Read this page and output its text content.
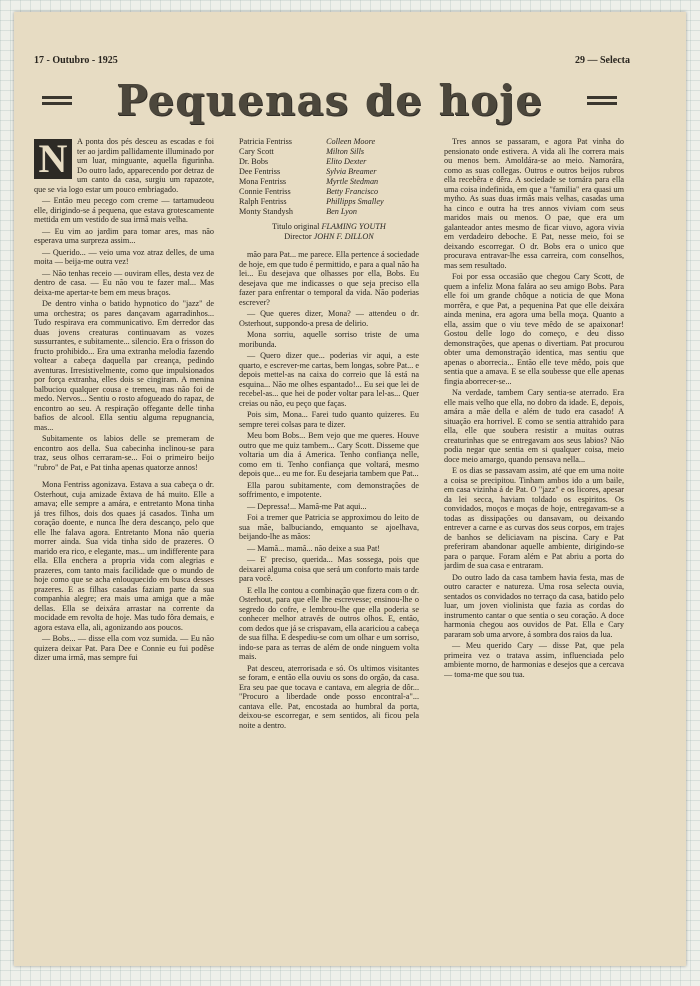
17 - Outubro - 1925	29 — Selecta
Pequenas de hoje

N	A ponta dos pés desceu as escadas e foi ter ao jardim pallidamente illuminado por um luar, minguante, aquella figurinha. Do outro lado, apparecendo por detraz de um canto da casa, surgiu um rapazote, que se via logo estar um pouco embriagado.

— Então meu pecego com creme — tartamudeou elle, dirigindo-se á pequena, que estava grotescamente mettida em um vestido de sua irmã mais velha.

— Eu vim ao jardim para tomar ares, mas não esperava uma surpreza assim...

— Querido... — veio uma voz atraz delles, de uma moita — beija-me outra vez!

— Não tenhas receio — ouviram elles, desta vez de dentro de casa. — Eu não vou te fazer mal... Mas deixa-me apertar-te bem em meus braços.

De dentro vinha o batido hypnotico do "jazz" de uma orchestra; os pares dançavam agarradinhos... Tudo respirava era communicativo. Em derredor das duas jovens creaturas continuavam as vozes sussurrantes, e subitamente... silencio. Era o frisson do fructo prohibido... Era uma extranha melodia fazendo voltear a cabeça daquella par creança, pedindo aventuras. Irresistivelmente, como que impulsionados por força extranha, elles dois se cingiram. A menina balbuciou qualquer cousa e tremeu, mas não foi de medo. Nervos... Sentiu o rosto afogueado do rapaz, de encontro ao seu. A respiração offegante delle tinha bafios de alcool. Ella sentiu alguma repugnancia, mas...

Subitamente os labios delle se premeram de encontro aos della. Sua cabecinha inclinou-se para traz, seus olhos cerraram-se... Foi o primeiro beijo "rubro" de Pat, e Pat tinha apenas quatorze annos!

Mona Fentriss agonizava. Estava a sua cabeça o dr. Osterhout, cuja amizade êxtava de há muito. Elle a amava; elle sempre a amára, e entretanto Mona tinha já tres filhos, dois dos quaes já casados. Tinha um coração doente, e nunca lhe dera descanço, pelo que elle lhe falava agora. Entretanto Mona não queria morrer ainda. Sua vida tinha sido de prazeres. O marido era rico, e elegante, mas... um indifferente para ella. Ella enchera a propria vida com alegrias e prazeres, com tanto mais facilidade que o mundo de hoje como que se acha enlouquecido em busca desses prazeres. E as filhas casadas faziam parte da sua companhia alegre; era mais uma amiga que a mãe dellas. Ella se deixára arrastar na corrente da mocidade em revolta de hoje. Mas tudo fôra demais, e agora estava ella, ali, agonizando aos poucos.

— Bobs... — disse ella com voz sumida. — Eu não quizera deixar Pat. Para Dee e Connie eu fui podêse dizer uma irmã, mas sempre fui

Patricia Fentriss	Colleen Moore
Cary Scott	Milton Sills
Dr. Bobs	Elito Dexter
Dee Fentriss	Sylvia Breamer
Mona Fentriss	Myrtle Stedman
Connie Fentriss	Betty Francisco
Ralph Fentriss	Phillipps Smalley
Monty Standysh	Ben Lyon
Titulo original FLAMING YOUTH
Director JOHN F. DILLON

mão para Pat... me parece. Ella pertence á sociedade de hoje, em que tudo é permittido, e para a qual não ha lei... Eu desejava que olhasses por ella, Bobs. Eu desejava que me indicasses o que seja preciso ella fazer para enfrentar o temporal da vida. Não poderias escrever?

— Que queres dizer, Mona? — attendeu o dr. Osterhout, suppondo-a presa de delirio.

Mona sorriu, aquelle sorriso triste de uma moribunda.

— Quero dizer que... poderias vir aqui, a este quarto, e escrever-me cartas, bem longas, sobre Pat... e depois mettel-as na caixa do correio que lá está na esquina... Não me olhes espantado!... Eu sei que lei de recebel-as... que hei de poder voltar para lel-as... Quer creias ou não, eu peço que faças.

Pois sim, Mona... Farei tudo quanto quizeres. Eu sempre terei colsas para te dizer.

Meu bom Bobs... Bem vejo que me queres. Houve outro que me quiz tambem... Cary Scott. Disseme que voltaria um dia á America. Tenho confiança nelle, como em ti. Tenho confiança que voltará, mesmo depois que... eu me for. Eu desejaria tambem que Pat...

Ella parou subitamente, com demonstrações de soffrimento, e impotente.

— Depressa!... Mamã-me Pat aqui...

Foi a tremer que Patricia se approximou do leito de sua mãe, balbuciando, emquanto se ajoelhava, beijando-lhe as mãos:

— Mamã... mamã... não deixe a sua Pat!

— E' preciso, querida... Mas sossega, pois que deixarei alguma coisa que será um conforto mais tarde para você.

E ella lhe contou a combinação que fizera com o dr. Osterhout, para que elle lhe escrevesse; ensinou-lhe o segredo do cofre, e lembrou-lhe que ella poderia se conhecer melhor através de outros olhos. E, então, com dedos que já se crispavam, ella acariciou a cabeça de sua filha. E despediu-se com um olhar e um sorriso, indo-se para as terras de além de onde ninguem volta mais.

Pat desceu, aterrorisada e só. Os ultimos visitantes se foram, e então ella ouviu os sons do orgão, da casa. Era seu pae que tocava e cantava, em alegria de dôr... "Procuro a liberdade onde posso encontral-a"... cantava elle. Pat, encostada ao humbral da porta, deixou-se escorregar, e sem sentidos, ali ficou pela noite a dentro.

Tres annos se passaram, e agora Pat vinha do pensionato onde estivera. A vida ali lhe correra mais ou menos bem. Amoldára-se ao meio. Namorára, como as suas collegas. Outros e outros beijos rubros ella recebêra e dêra. A sociedade se tornára para ella uma coisa indefinida, em que a "familia" era quasi um mytho. As suas duas irmãs mais velhas, casadas uma ha cinco e outra ha tres annos viviam com seus maridos mais ou menos. O pae, que era um galanteador antes mesmo de ficar viuvo, agora vivia em verdadeiro deboche. E Pat, nesse meio, foi se deixando escorregar. O dr. Bobs era o unico que procurava entravar-lhe essa carreira, com conselhos, mas sem resultado.

Foi por essa occasião que chegou Cary Scott, de quem a infeliz Mona falára ao seu amigo Bobs. Para elle foi um grande chôque a noticia de que Mona morrêra, e que Pat, a pequenina Pat que elle deixára ainda menina, era agora uma bella moça. Quanto a ella, assim que o viu teve mêdo de se apaixonar! Gostou delle logo do começo, e deu disso demonstrações, que apenas o divertiam. Pat procurou obter uma demonstração identica, mas sentiu que apenas o aborrecia... Então elle teve mêdo, pois que sentia que a amava. E se ella soubesse que elle apenas fingia aborrecer-se...

Na verdade, tambem Cary sentia-se aterrado. Era elle mais velho que ella, no dobro da idade. E, depois, amára a mãe della e além de tudo era casado! A situação era horrivel. E como se sentia attrahido para ella, elle que soubera resistir a muitas outras creaturinhas que se entregavam aos seus labios? Não podia negar que sentia em si qualquer coisa, meio doce meio amargo, quando pensava nella...

E os dias se passavam assim, até que em uma noite a coisa se precipitou. Tinham ambos ido a um baile, em casa vizinha á de Pat. O "jazz" e os licores, apesar da lei secca, haviam toldado os espiritos. Os convidados, moços e moças de hoje, entregavam-se a todas as dissipações ou dansavam, ou deixando entrever a carne e as curvas dos seus corpos, em trajes de banhos se deliciavam na piscina. Cary e Pat preferiram abandonar aquelle ambiente, dirigindo-se para o parque. Foram além e Pat abriu a porta do jardim de sua casa e entraram.

Do outro lado da casa tambem havia festa, mas de outro caracter e natureza. Uma rosa selecta ouvia, sentados os convidados no terraço da casa, batido pelo luar, um joven violinista que fazia as cordas do instrumento cantar o que sentia o seu coração. A doce harmonia chegou aos ouvidos de Pat. Ella e Cary pararam sob uma arvore, á sombra dos raios da lua.

— Meu querido Cary — disse Pat, que pela primeira vez o tratava assim, influenciada pelo ambiente morno, de harmonias e desejos que a cercava — toma-me que sou tua.
